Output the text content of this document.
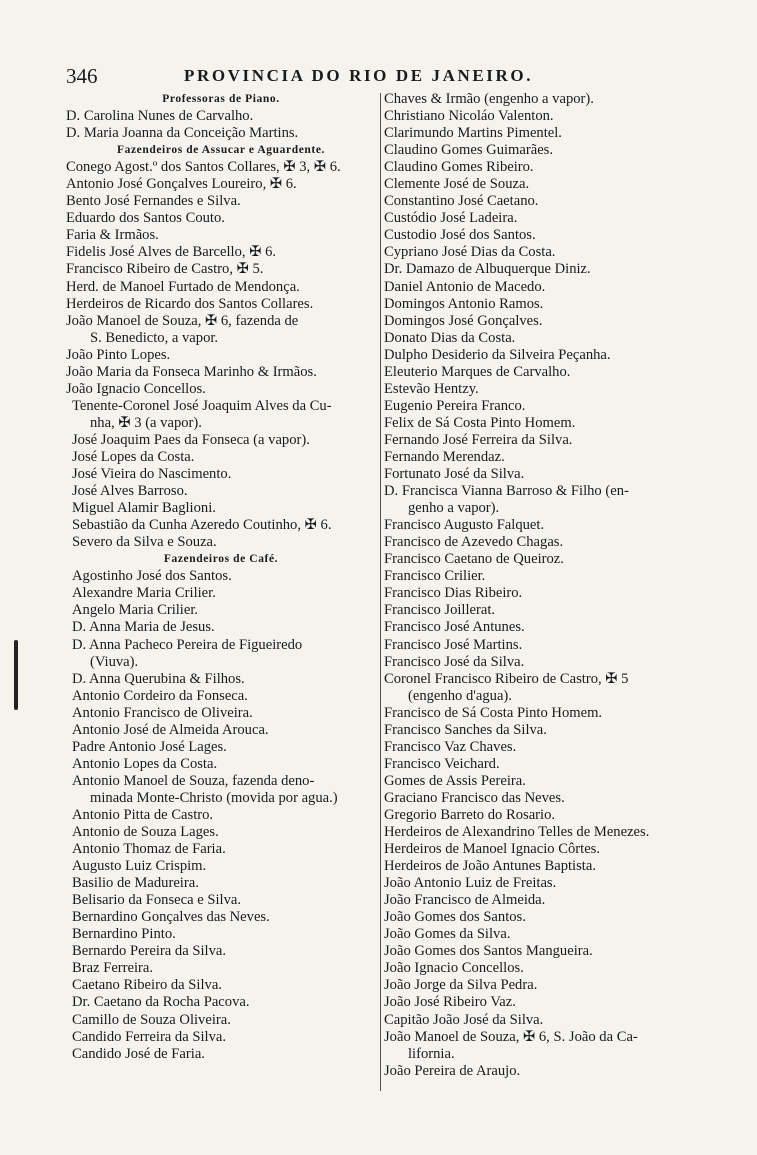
346	PROVINCIA DO RIO DE JANEIRO.
Professoras de Piano.
D. Carolina Nunes de Carvalho.
D. Maria Joanna da Conceição Martins.
Fazendeiros de Assucar e Aguardente.
Conego Agost.º dos Santos Collares, ✠ 3, ✠ 6.
Antonio José Gonçalves Loureiro, ✠ 6.
Bento José Fernandes e Silva.
Eduardo dos Santos Couto.
Faria & Irmãos.
Fidelis José Alves de Barcello, ✠ 6.
Francisco Ribeiro de Castro, ✠ 5.
Herd. de Manoel Furtado de Mendonça.
Herdeiros de Ricardo dos Santos Collares.
João Manoel de Souza, ✠ 6, fazenda de
S. Benedicto, a vapor.
João Pinto Lopes.
João Maria da Fonseca Marinho & Irmãos.
João Ignacio Concellos.
Tenente-Coronel José Joaquim Alves da Cu-
nha, ✠ 3 (a vapor).
José Joaquim Paes da Fonseca (a vapor).
José Lopes da Costa.
José Vieira do Nascimento.
José Alves Barroso.
Miguel Alamir Baglioni.
Sebastião da Cunha Azeredo Coutinho, ✠ 6.
Severo da Silva e Souza.
Fazendeiros de Café.
Agostinho José dos Santos.
Alexandre Maria Crilier.
Angelo Maria Crilier.
D. Anna Maria de Jesus.
D. Anna Pacheco Pereira de Figueiredo
(Viuva).
D. Anna Querubina & Filhos.
Antonio Cordeiro da Fonseca.
Antonio Francisco de Oliveira.
Antonio José de Almeida Arouca.
Padre Antonio José Lages.
Antonio Lopes da Costa.
Antonio Manoel de Souza, fazenda deno-
minada Monte-Christo (movida por agua.)
Antonio Pitta de Castro.
Antonio de Souza Lages.
Antonio Thomaz de Faria.
Augusto Luiz Crispim.
Basilio de Madureira.
Belisario da Fonseca e Silva.
Bernardino Gonçalves das Neves.
Bernardino Pinto.
Bernardo Pereira da Silva.
Braz Ferreira.
Caetano Ribeiro da Silva.
Dr. Caetano da Rocha Pacova.
Camillo de Souza Oliveira.
Candido Ferreira da Silva.
Candido José de Faria.
Chaves & Irmão (engenho a vapor).
Christiano Nicoláo Valenton.
Clarimundo Martins Pimentel.
Claudino Gomes Guimarães.
Claudino Gomes Ribeiro.
Clemente José de Souza.
Constantino José Caetano.
Custódio José Ladeira.
Custodio José dos Santos.
Cypriano José Dias da Costa.
Dr. Damazo de Albuquerque Diniz.
Daniel Antonio de Macedo.
Domingos Antonio Ramos.
Domingos José Gonçalves.
Donato Dias da Costa.
Dulpho Desiderio da Silveira Peçanha.
Eleuterio Marques de Carvalho.
Estevão Hentzy.
Eugenio Pereira Franco.
Felix de Sá Costa Pinto Homem.
Fernando José Ferreira da Silva.
Fernando Merendaz.
Fortunato José da Silva.
D. Francisca Vianna Barroso & Filho (en-
genho a vapor).
Francisco Augusto Falquet.
Francisco de Azevedo Chagas.
Francisco Caetano de Queiroz.
Francisco Crilier.
Francisco Dias Ribeiro.
Francisco Joillerat.
Francisco José Antunes.
Francisco José Martins.
Francisco José da Silva.
Coronel Francisco Ribeiro de Castro, ✠ 5
(engenho d'agua).
Francisco de Sá Costa Pinto Homem.
Francisco Sanches da Silva.
Francisco Vaz Chaves.
Francisco Veichard.
Gomes de Assis Pereira.
Graciano Francisco das Neves.
Gregorio Barreto do Rosario.
Herdeiros de Alexandrino Telles de Menezes.
Herdeiros de Manoel Ignacio Côrtes.
Herdeiros de João Antunes Baptista.
João Antonio Luiz de Freitas.
João Francisco de Almeida.
João Gomes dos Santos.
João Gomes da Silva.
João Gomes dos Santos Mangueira.
João Ignacio Concellos.
João Jorge da Silva Pedra.
João José Ribeiro Vaz.
Capitão João José da Silva.
João Manoel de Souza, ✠ 6, S. João da Ca-
lifornia.
João Pereira de Araujo.
